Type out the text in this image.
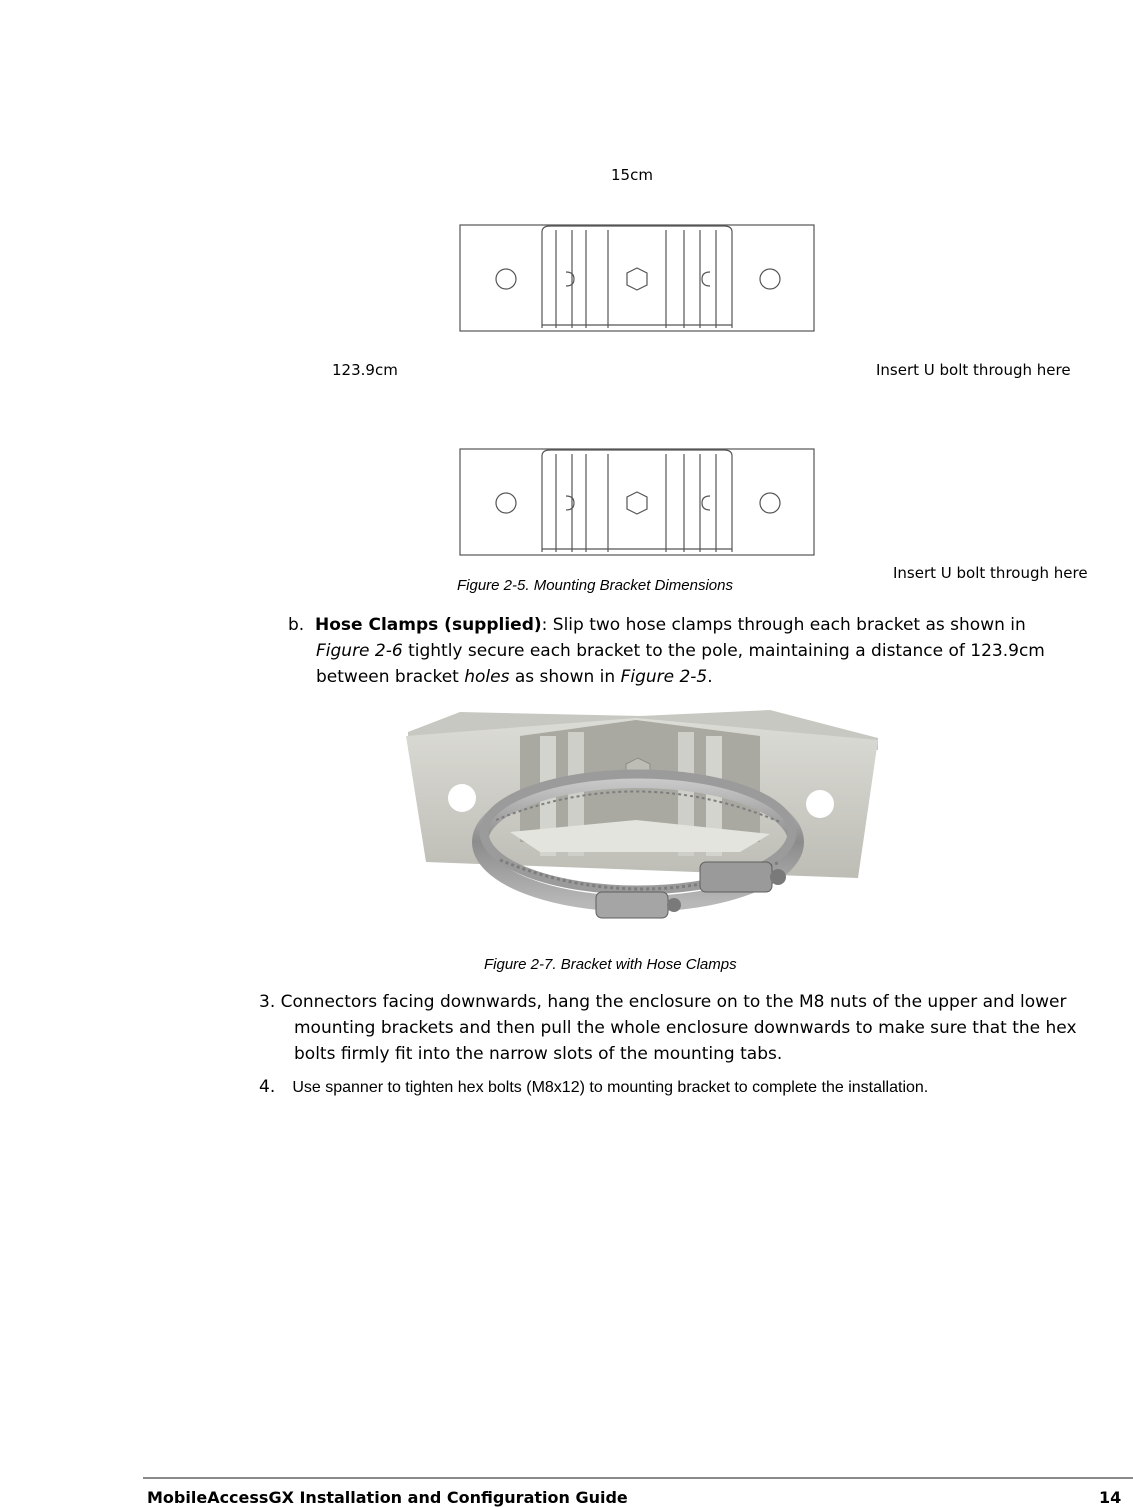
15cm
123.9cm	Insert U bolt through here
Insert U bolt through here
Figure 2-5. Mounting Bracket Dimensions
b. Hose Clamps (supplied): Slip two hose clamps through each bracket as shown in
Figure 2-6 tightly secure each bracket to the pole, maintaining a distance of 123.9cm
between bracket holes as shown in Figure 2-5.
Figure 2-7. Bracket with Hose Clamps
3. Connectors facing downwards, hang the enclosure on to the M8 nuts of the upper and lower
mounting brackets and then pull the whole enclosure downwards to make sure that the hex
bolts firmly fit into the narrow slots of the mounting tabs.
4. Use spanner to tighten hex bolts (M8x12) to mounting bracket to complete the installation.
MobileAccessGX Installation and Configuration Guide	14
